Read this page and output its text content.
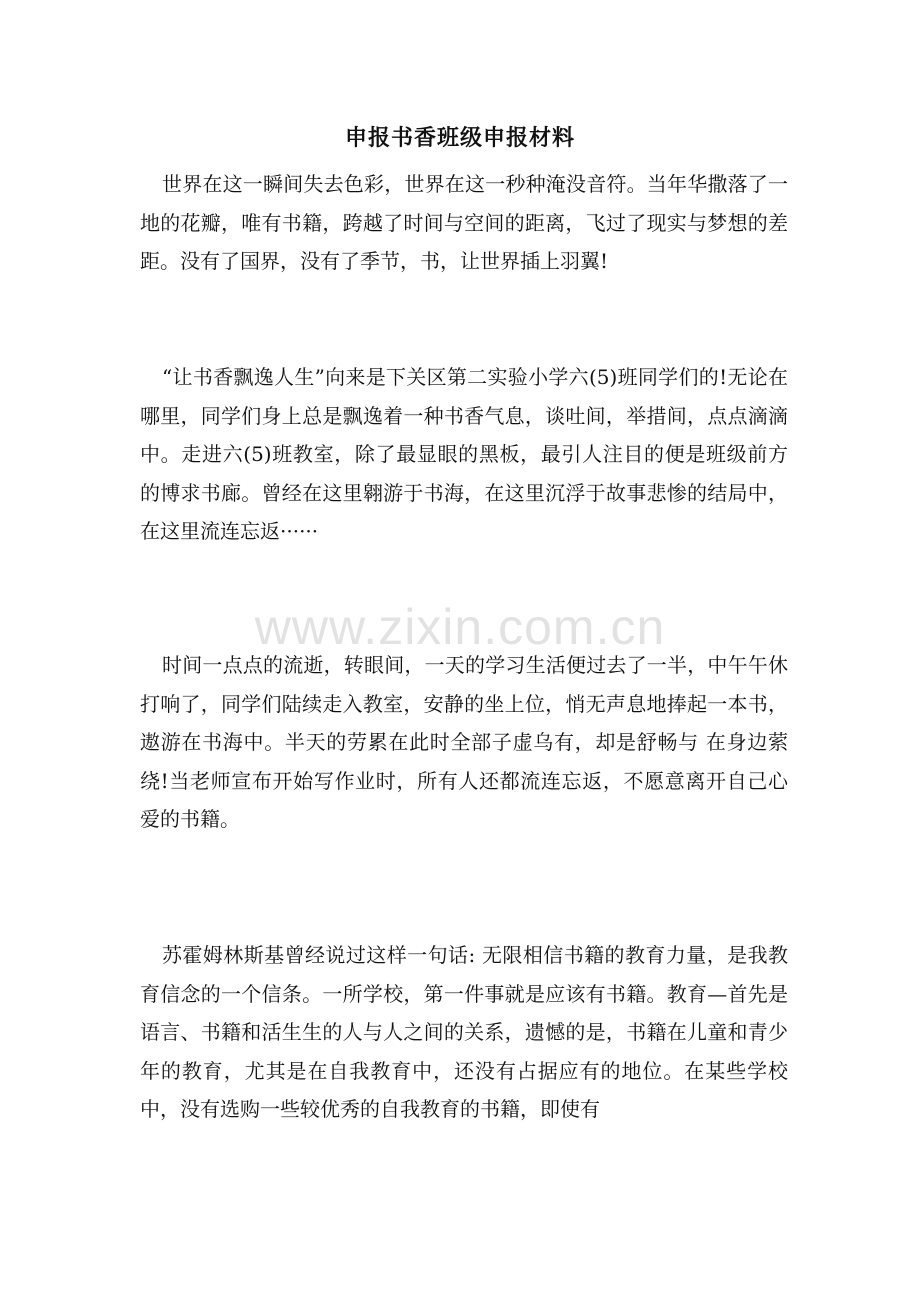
申报书香班级申报材料

世界在这一瞬间失去色彩，世界在这一秒种淹没音符。当年华撒落了一地的花瓣，唯有书籍，跨越了时间与空间的距离，飞过了现实与梦想的差距。没有了国界，没有了季节，书，让世界插上羽翼!

“让书香飘逸人生”向来是下关区第二实验小学六(5)班同学们的!无论在哪里，同学们身上总是飘逸着一种书香气息，谈吐间，举措间，点点滴滴中。走进六(5)班教室，除了最显眼的黑板，最引人注目的便是班级前方的博求书廊。曾经在这里翱游于书海，在这里沉浮于故事悲惨的结局中，在这里流连忘返······

时间一点点的流逝，转眼间，一天的学习生活便过去了一半，中午午休 打响了，同学们陆续走入教室，安静的坐上位，悄无声息地捧起一本书，遨游在书海中。半天的劳累在此时全部子虚乌有，却是舒畅与 在身边萦绕!当老师宣布开始写作业时，所有人还都流连忘返，不愿意离开自己心爱的书籍。

苏霍姆林斯基曾经说过这样一句话: 无限相信书籍的教育力量，是我教育信念的一个信条。一所学校，第一件事就是应该有书籍。教育—首先是语言、书籍和活生生的人与人之间的关系，遗憾的是，书籍在儿童和青少年的教育，尤其是在自我教育中，还没有占据应有的地位。在某些学校中，没有选购一些较优秀的自我教育的书籍，即使有

www.zixin.com.cn
